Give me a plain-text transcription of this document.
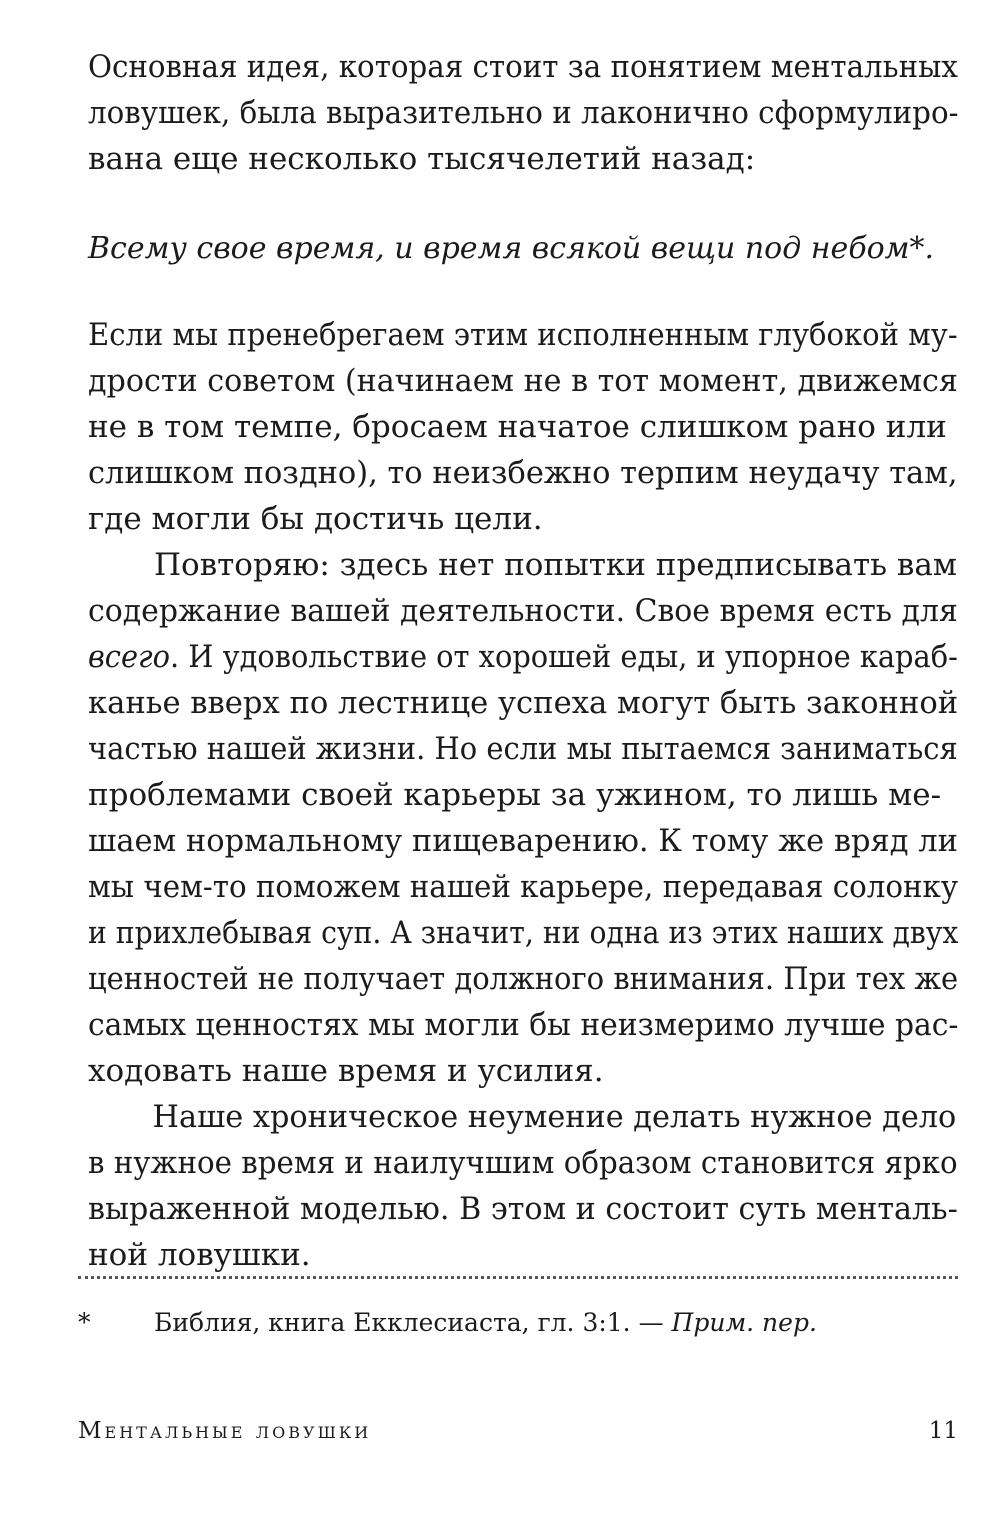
Основная идея, которая стоит за понятием ментальных
ловушек, была выразительно и лаконично сформулиро-
вана еще несколько тысячелетий назад:

Всему свое время, и время всякой вещи под небом*.

Если мы пренебрегаем этим исполненным глубокой му-
дрости советом (начинаем не в тот момент, движемся
не в том темпе, бросаем начатое слишком рано или
слишком поздно), то неизбежно терпим неудачу там,
где могли бы достичь цели.

Повторяю: здесь нет попытки предписывать вам
содержание вашей деятельности. Свое время есть для
всего. И удовольствие от хорошей еды, и упорное караб-
канье вверх по лестнице успеха могут быть законной
частью нашей жизни. Но если мы пытаемся заниматься
проблемами своей карьеры за ужином, то лишь ме-
шаем нормальному пищеварению. К тому же вряд ли
мы чем-то поможем нашей карьере, передавая солонку
и прихлебывая суп. А значит, ни одна из этих наших двух
ценностей не получает должного внимания. При тех же
самых ценностях мы могли бы неизмеримо лучше рас-
ходовать наше время и усилия.

Наше хроническое неумение делать нужное дело
в нужное время и наилучшим образом становится ярко
выраженной моделью. В этом и состоит суть менталь-
ной ловушки.

*	Библия, книга Екклесиаста, гл. 3:1. — Прим. пер.
Ментальные ловушки	11
